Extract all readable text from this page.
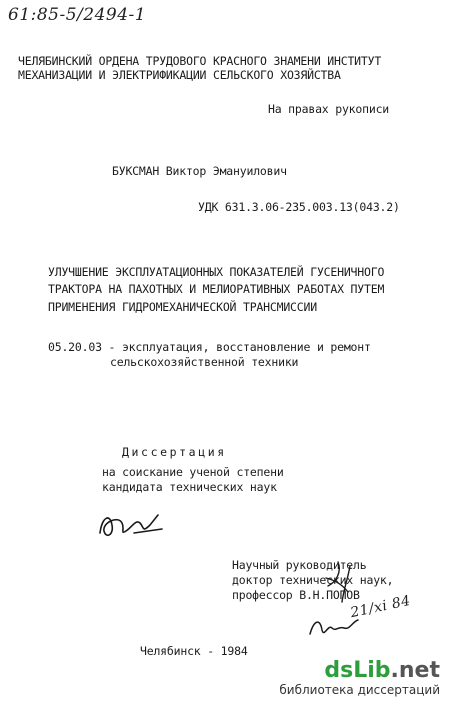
61:85-5/2494-1
ЧЕЛЯБИНСКИЙ ОРДЕНА ТРУДОВОГО КРАСНОГО ЗНАМЕНИ ИНСТИТУТ
МЕХАНИЗАЦИИ И ЭЛЕКТРИФИКАЦИИ СЕЛЬСКОГО ХОЗЯЙСТВА
На правах рукописи
БУКСМАН Виктор Эмануилович
УДК 631.3.06-235.003.13(043.2)
УЛУЧШЕНИЕ ЭКСПЛУАТАЦИОННЫХ ПОКАЗАТЕЛЕЙ ГУСЕНИЧНОГО
ТРАКТОРА НА ПАХОТНЫХ И МЕЛИОРАТИВНЫХ РАБОТАХ ПУТЕМ
ПРИМЕНЕНИЯ ГИДРОМЕХАНИЧЕСКОЙ ТРАНСМИССИИ
05.20.03 - эксплуатация, восстановление и ремонт
сельскохозяйственной техники
Диссертация
на соискание ученой степени
кандидата технических наук
Научный руководитель
доктор технических наук,
профессор В.Н.ПОПОВ
21/xi 84
Челябинск - 1984
dsLib.net
библиотека диссертаций
